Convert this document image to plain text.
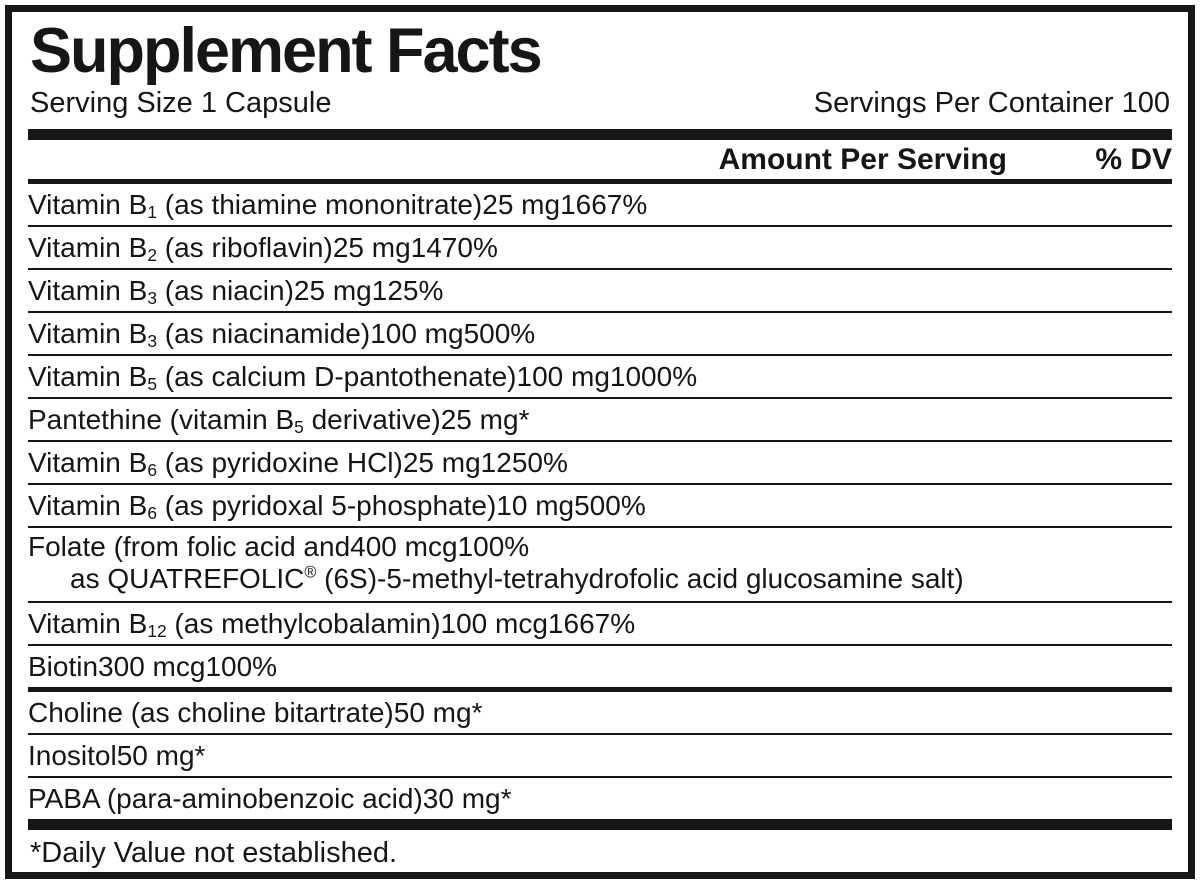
Supplement Facts
Serving Size 1 Capsule	Servings Per Container 100
Amount Per Serving	% DV
Vitamin $B_1$ (as thiamine mononitrate) 25 mg 1667%
Vitamin $B_2$ (as riboflavin) 25 mg 1470%
Vitamin $B_3$ (as niacin) 25 mg 125%
Vitamin $B_3$ (as niacinamide) 100 mg 500%
Vitamin $B_5$ (as calcium D-pantothenate) 100 mg 1000%
Pantethine (vitamin $B_5$ derivative) 25 mg *
Vitamin $B_6$ (as pyridoxine HCl) 25 mg 1250%
Vitamin $B_6$ (as pyridoxal 5-phosphate) 10 mg 500%
Folate (from folic acid and 400 mcg 100%
as QUATREFOLIC® (6S)-5-methyl-tetrahydrofolic acid glucosamine salt)
Vitamin $B_{12}$ (as methylcobalamin) 100 mcg 1667%
Biotin 300 mcg 100%
Choline (as choline bitartrate) 50 mg *
Inositol 50 mg *
PABA (para-aminobenzoic acid) 30 mg *
*Daily Value not established.
